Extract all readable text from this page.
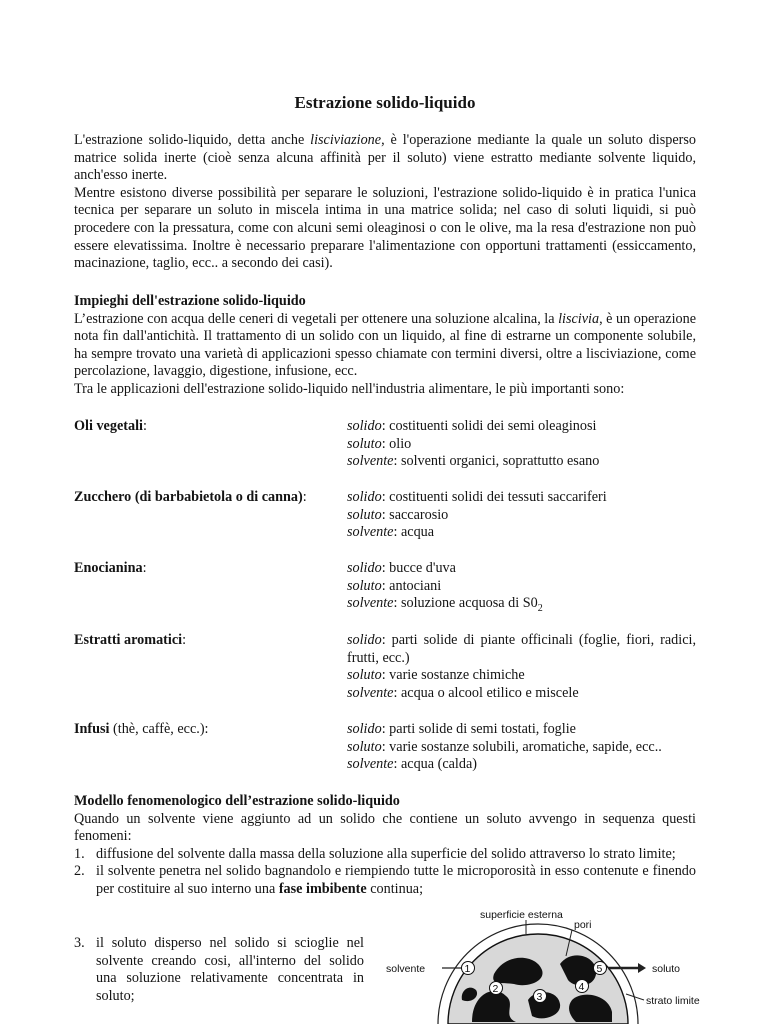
Estrazione solido-liquido

L'estrazione solido-liquido, detta anche lisciviazione, è l'operazione mediante la quale un soluto disperso matrice solida inerte (cioè senza alcuna affinità per il soluto) viene estratto mediante solvente liquido, anch'esso inerte.

Mentre esistono diverse possibilità per separare le soluzioni, l'estrazione solido-liquido è in pratica l'unica tecnica per separare un soluto in miscela intima in una matrice solida; nel caso di soluti liquidi, si può procedere con la pressatura, come con alcuni semi oleaginosi o con le olive, ma la resa d'estrazione non può essere elevatissima. Inoltre è necessario preparare l'alimentazione con opportuni trattamenti (essiccamento, macinazione, taglio, ecc.. a secondo dei casi).

Impieghi dell'estrazione solido-liquido

L’estrazione con acqua delle ceneri di vegetali per ottenere una soluzione alcalina, la liscivia, è un operazione nota fin dall'antichità. Il trattamento di un solido con un liquido, al fine di estrarne un componente solubile, ha sempre trovato una varietà di applicazioni spesso chiamate con termini diversi, oltre a lisciviazione, come percolazione, lavaggio, digestione, infusione, ecc.

Tra le applicazioni dell'estrazione solido-liquido nell'industria alimentare, le più importanti sono:

Oli vegetali:	solido: costituenti solidi dei semi oleaginosi
soluto: olio
solvente: solventi organici, soprattutto esano
Zucchero (di barbabietola o di canna):	solido: costituenti solidi dei tessuti saccariferi
soluto: saccarosio
solvente: acqua
Enocianina:	solido: bucce d'uva
soluto: antociani
solvente: soluzione acquosa di $S0_2$
Estratti aromatici:	solido: parti solide di piante officinali (foglie, fiori, radici, frutti, ecc.)
soluto: varie sostanze chimiche
solvente: acqua o alcool etilico e miscele
Infusi (thè, caffè, ecc.):	solido: parti solide di semi tostati, foglie
soluto: varie sostanze solubili, aromatiche, sapide, ecc..
solvente: acqua (calda)
Modello fenomenologico dell’estrazione solido-liquido

Quando un solvente viene aggiunto ad un solido che contiene un soluto avvengo in sequenza questi fenomeni:

1. diffusione del solvente dalla massa della soluzione alla superficie del solido attraverso lo strato limite;
2. il solvente penetra nel solido bagnandolo e riempiendo tutte le microporosità in esso contenute e finendo per costituire al suo interno una fase imbibente continua;
3. il soluto disperso nel solido si scioglie nel solvente creando cosi, all'interno del solido una soluzione relativamente concentrata in soluto;
superficie esterna
pori
solvente	soluto
strato limite
1
2
3
4
5
